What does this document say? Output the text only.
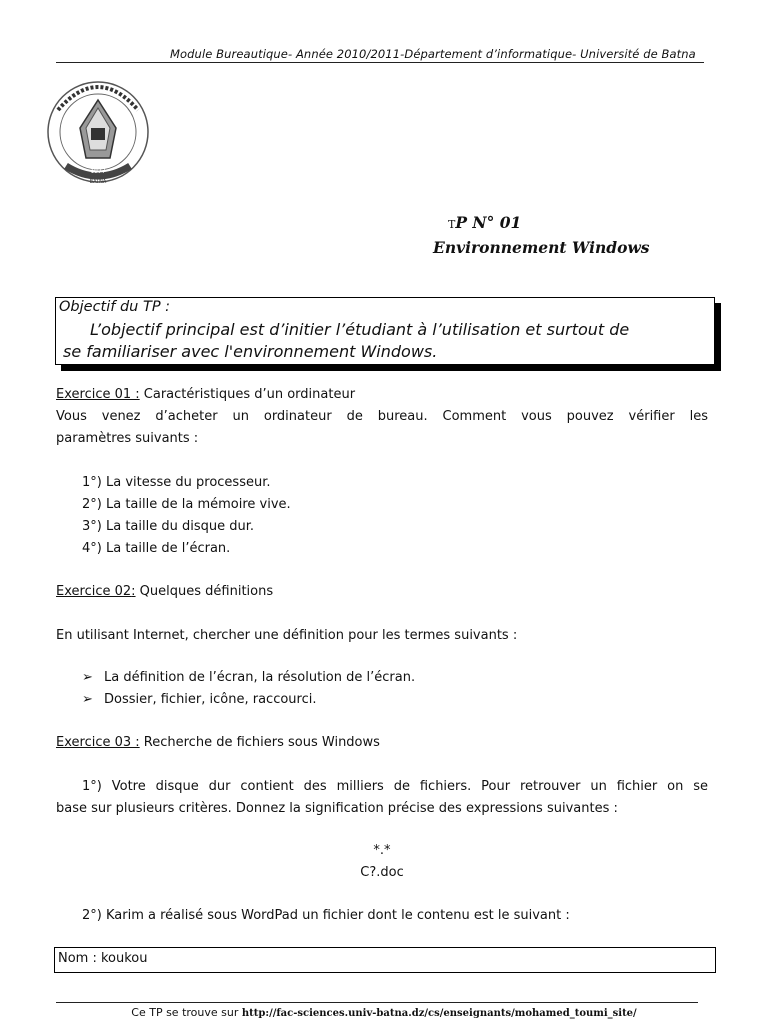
Module Bureautique- Année 2010/2011-Département d’informatique- Université de Batna
1977
BATNA
TP N° 01
Environnement Windows
Objectif du TP :
L’objectif principal est d’initier l’étudiant à l’utilisation et surtout de
se familiariser avec l'environnement Windows.
Exercice 01 : Caractéristiques d’un ordinateur
Vous venez d’acheter un ordinateur de bureau. Comment vous pouvez vérifier les
paramètres suivants :
1°) La vitesse du processeur.
2°) La taille de la mémoire vive.
3°) La taille du disque dur.
4°) La taille de l’écran.
Exercice 02: Quelques définitions
En utilisant Internet, chercher une définition pour les termes suivants :
➢ La définition de l’écran, la résolution de l’écran.
➢ Dossier, fichier, icône, raccourci.
Exercice 03 : Recherche de fichiers sous Windows
1°) Votre disque dur contient des milliers de fichiers. Pour retrouver un fichier on se
base sur plusieurs critères. Donnez la signification précise des expressions suivantes :
*.*
C?.doc
2°) Karim a réalisé sous WordPad un fichier dont le contenu est le suivant :
Nom : koukou
Ce TP se trouve sur http://fac-sciences.univ-batna.dz/cs/enseignants/mohamed_toumi_site/
